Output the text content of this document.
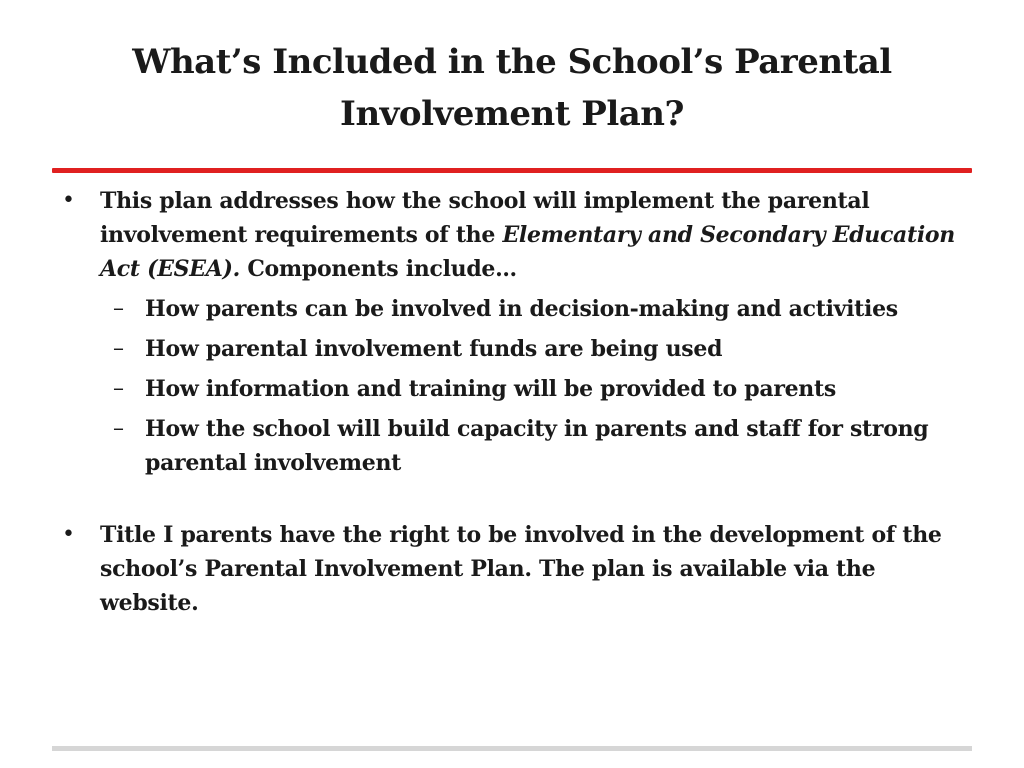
What’s Included in the School’s Parental
Involvement Plan?
• This plan addresses how the school will implement the parental involvement requirements of the Elementary and Secondary Education Act (ESEA). Components include…
– How parents can be involved in decision-making and activities
– How parental involvement funds are being used
– How information and training will be provided to parents
– How the school will build capacity in parents and staff for strong parental involvement
• Title I parents have the right to be involved in the development of the school’s Parental Involvement Plan. The plan is available via the website.
